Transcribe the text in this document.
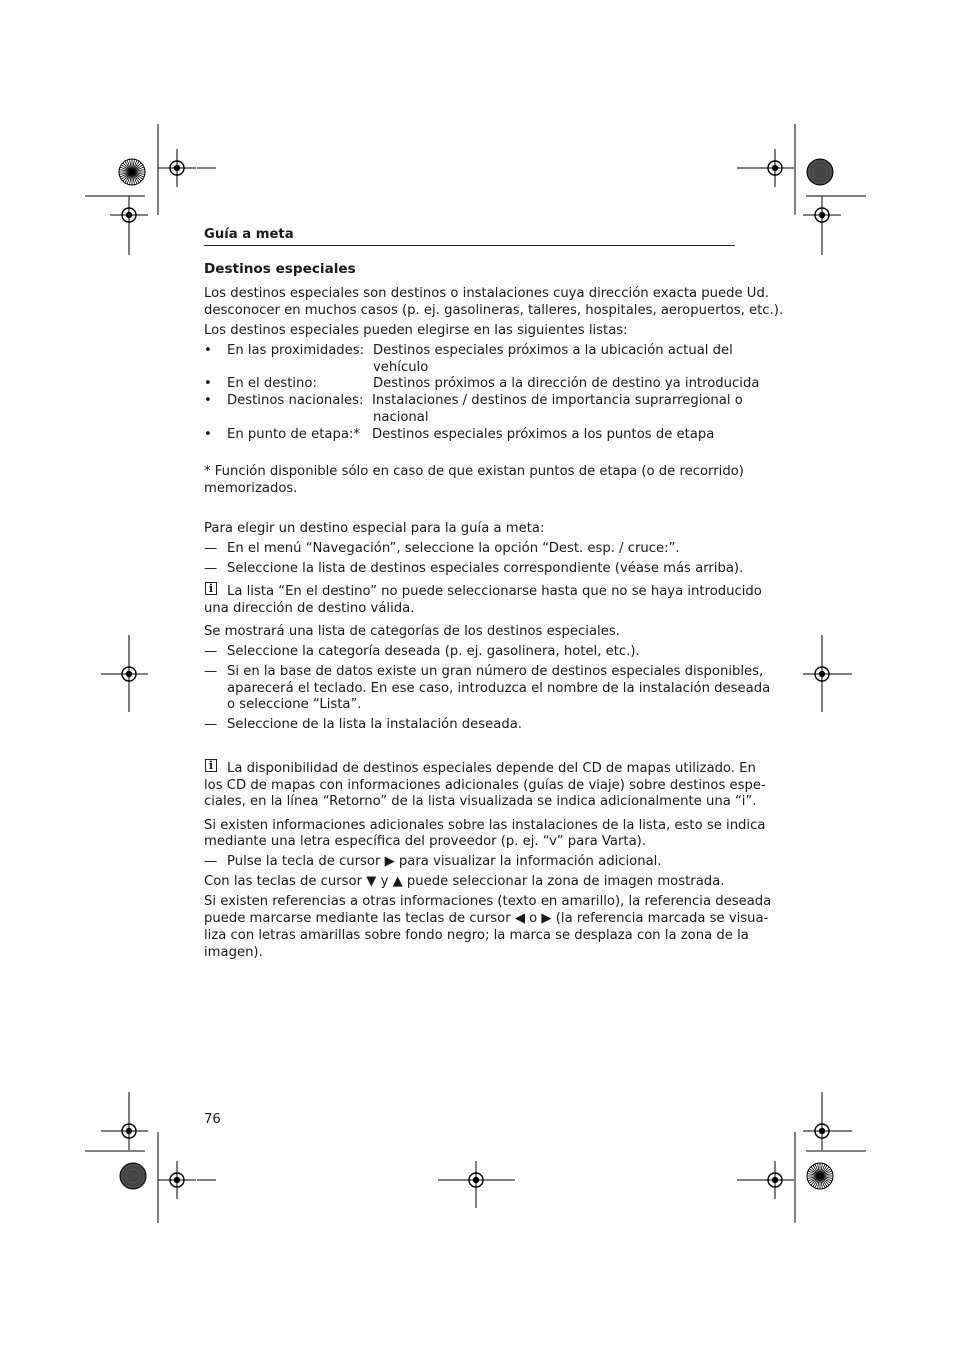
Guía a meta
Destinos especiales
Los destinos especiales son destinos o instalaciones cuya dirección exacta puede Ud.
desconocer en muchos casos (p. ej. gasolineras, talleres, hospitales, aeropuertos, etc.).
Los destinos especiales pueden elegirse en las siguientes listas:
• En las proximidades: Destinos especiales próximos a la ubicación actual del
vehículo
• En el destino:	Destinos próximos a la dirección de destino ya introducida
• Destinos nacionales: Instalaciones / destinos de importancia suprarregional o
nacional
• En punto de etapa:* Destinos especiales próximos a los puntos de etapa
* Función disponible sólo en caso de que existan puntos de etapa (o de recorrido)
memorizados.
Para elegir un destino especial para la guía a meta:
— En el menú “Navegación”, seleccione la opción “Dest. esp. / cruce:”.
— Seleccione la lista de destinos especiales correspondiente (véase más arriba).
i La lista “En el destino” no puede seleccionarse hasta que no se haya introducido
una dirección de destino válida.
Se mostrará una lista de categorías de los destinos especiales.
— Seleccione la categoría deseada (p. ej. gasolinera, hotel, etc.).
— Si en la base de datos existe un gran número de destinos especiales disponibles,
aparecerá el teclado. En ese caso, introduzca el nombre de la instalación deseada
o seleccione “Lista”.
— Seleccione de la lista la instalación deseada.
i La disponibilidad de destinos especiales depende del CD de mapas utilizado. En
los CD de mapas con informaciones adicionales (guías de viaje) sobre destinos espe-
ciales, en la línea “Retorno” de la lista visualizada se indica adicionalmente una “i”.
Si existen informaciones adicionales sobre las instalaciones de la lista, esto se indica
mediante una letra específica del proveedor (p. ej. “v” para Varta).
— Pulse la tecla de cursor ▶ para visualizar la información adicional.
Con las teclas de cursor ▼ y ▲ puede seleccionar la zona de imagen mostrada.
Si existen referencias a otras informaciones (texto en amarillo), la referencia deseada
puede marcarse mediante las teclas de cursor ◀ o ▶ (la referencia marcada se visua-
liza con letras amarillas sobre fondo negro; la marca se desplaza con la zona de la
imagen).
76
